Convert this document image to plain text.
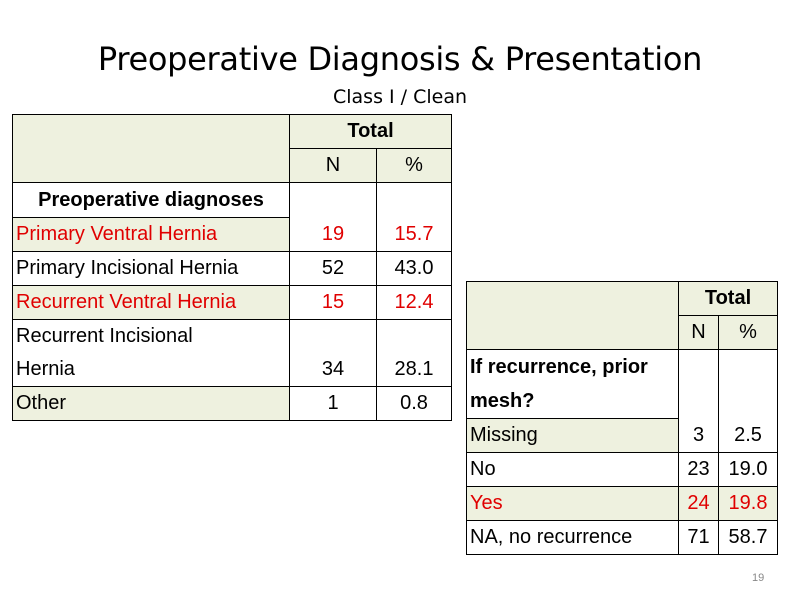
Preoperative Diagnosis & Presentation
Class I / Clean
	Total	
	N	%
Preoperative diagnoses		
Primary Ventral Hernia	19	15.7
Primary Incisional Hernia	52	43.0
Recurrent Ventral Hernia	15	12.4

Recurrent Incisional
Hernia	34	28.1
Other	1	0.8
	Total	
	N	%

If recurrence, prior
mesh?		

Missing	3	2.5
No	23	19.0
Yes	24	19.8
NA, no recurrence	71	58.7
19
